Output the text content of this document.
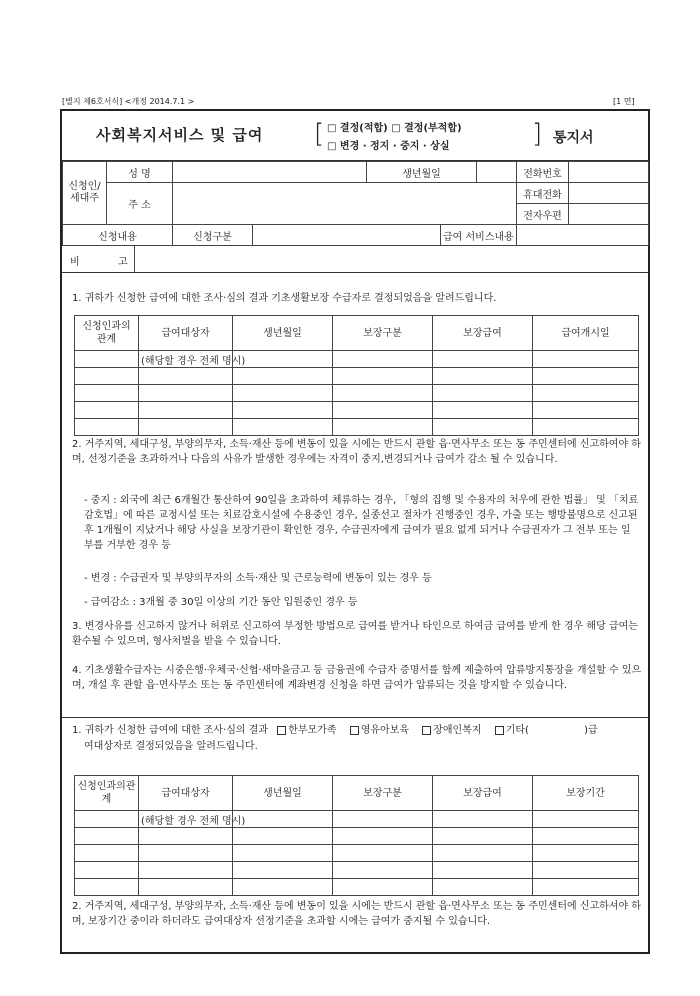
[별지 제6호서식] <개정 2014.7.1 >	[1 면]
사회복지서비스 및 급여 [ □ 결정(적합) □ 결정(부적합)
□ 변경 · 정지 · 중지 · 상실	] 통지서
신청인/ 세대주	성 명			생년월일			전화번호	
	주 소						휴대전화	
							전자우편	
신청내용		신청구분			급여 서비스내용			
비	고

1. 귀하가 신청한 급여에 대한 조사·심의 결과 기초생활보장 수급자로 결정되었음을 알려드립니다.

신청인과의 관계	급여대상자	생년월일	보장구분	보장급여	급여개시일
	(해당할 경우 전체 명시)				

2. 거주지역, 세대구성, 부양의무자, 소득·재산 등에 변동이 있을 시에는 반드시 관할 읍·면사무소 또는 동 주민센터에 신고하여야 하며, 선정기준을 초과하거나 다음의 사유가 발생한 경우에는 자격이 중지,변경되거나 급여가 감소 될 수 있습니다.

- 중지 : 외국에 최근 6개월간 통산하여 90일을 초과하여 체류하는 경우, 「형의 집행 및 수용자의 처우에 관한 법률」 및 「치료감호법」에 따른 교정시설 또는 치료감호시설에 수용중인 경우, 실종선고 절차가 진행중인 경우, 가출 또는 행방불명으로 신고된 후 1개월이 지났거나 해당 사실을 보장기관이 확인한 경우, 수급권자에게 급여가 필요 없게 되거나 수급권자가 그 전부 또는 일부를 거부한 경우 등

- 변경 : 수급권자 및 부양의무자의 소득·재산 및 근로능력에 변동이 있는 경우 등

- 급여감소 : 3개월 중 30일 이상의 기간 동안 입원중인 경우 등

3. 변경사유를 신고하지 않거나 허위로 신고하여 부정한 방법으로 급여를 받거나 타인으로 하여금 급여를 받게 한 경우 해당 급여는 환수될 수 있으며, 형사처벌을 받을 수 있습니다.

4. 기초생활수급자는 시중은행·우체국·신협·새마을금고 등 금융권에 수급자 증명서를 함께 제출하여 압류방지통장을 개설할 수 있으며, 개설 후 관할 읍·면사무소 또는 동 주민센터에 계좌변경 신청을 하면 급여가 압류되는 것을 방지할 수 있습니다.

1. 귀하가 신청한 급여에 대한 조사·심의 결과 한부모가족 영유아보육 장애인복지 기타(	)급

여대상자로 결정되었음을 알려드립니다.

신청인과의관계	급여대상자	생년월일	보장구분	보장급여	보장기간
	(해당할 경우 전체 명시)				

2. 거주지역, 세대구성, 부양의무자, 소득·재산 등에 변동이 있을 시에는 반드시 관할 읍·면사무소 또는 동 주민센터에 신고하셔야 하며, 보장기간 중이라 하더라도 급여대상자 선정기준을 초과할 시에는 급여가 중지될 수 있습니다.
